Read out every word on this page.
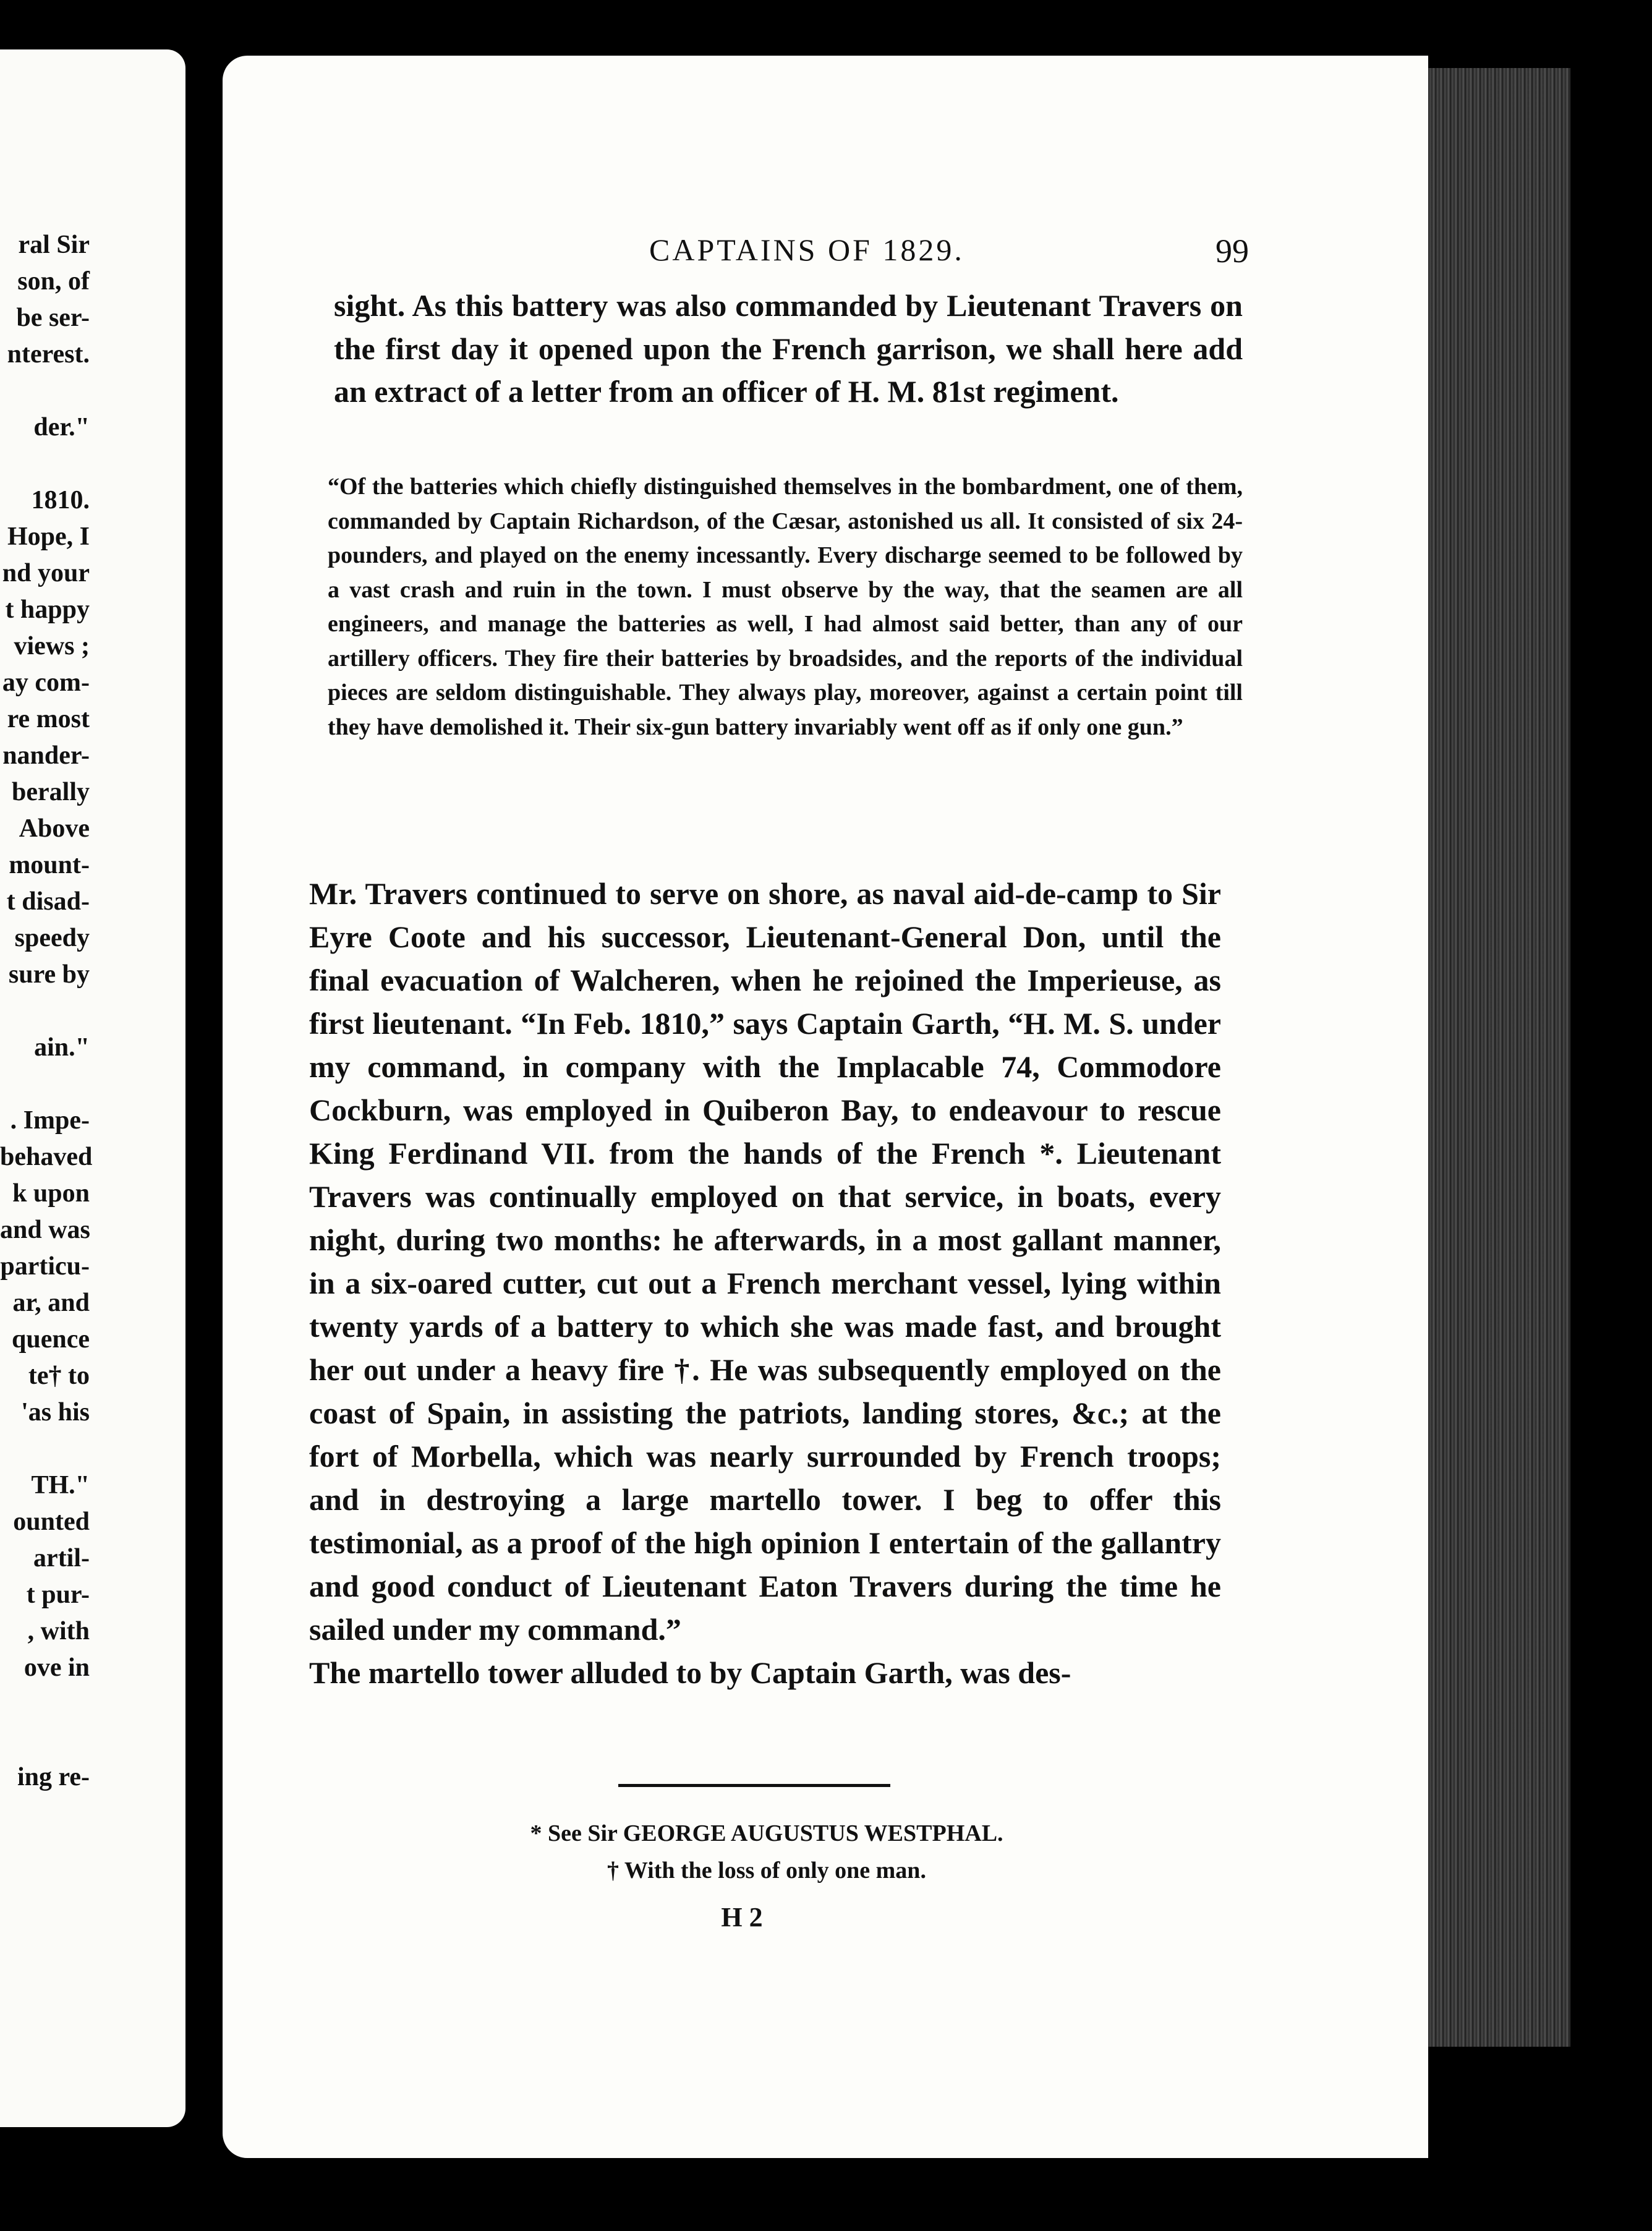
ral Sir
son, of
be ser-
nterest.
der."
1810.
Hope, I
nd your
t happy
views ;
ay com-
re most
nander-
berally
Above
mount-
t disad-
speedy
sure by
ain."
. Impe-
behaved
k upon
and was
particu-
ar, and
quence
te† to
'as his
TH."
ounted
artil-
t pur-
, with
ove in
ing re-
CAPTAINS OF 1829.	99
sight. As this battery was also commanded by Lieutenant Travers on the first day it opened upon the French garrison, we shall here add an extract of a letter from an officer of H. M. 81st regiment.
“Of the batteries which chiefly distinguished themselves in the bombardment, one of them, commanded by Captain Richardson, of the Cæsar, astonished us all. It consisted of six 24-pounders, and played on the enemy incessantly. Every discharge seemed to be followed by a vast crash and ruin in the town. I must observe by the way, that the seamen are all engineers, and manage the batteries as well, I had almost said better, than any of our artillery officers. They fire their batteries by broadsides, and the reports of the individual pieces are seldom distinguishable. They always play, moreover, against a certain point till they have demolished it. Their six-gun battery invariably went off as if only one gun.”
Mr. Travers continued to serve on shore, as naval aid-de-camp to Sir Eyre Coote and his successor, Lieutenant-General Don, until the final evacuation of Walcheren, when he rejoined the Imperieuse, as first lieutenant. “In Feb. 1810,” says Captain Garth, “H. M. S. under my command, in company with the Implacable 74, Commodore Cockburn, was employed in Quiberon Bay, to endeavour to rescue King Ferdinand VII. from the hands of the French *. Lieutenant Travers was continually employed on that service, in boats, every night, during two months: he afterwards, in a most gallant manner, in a six-oared cutter, cut out a French merchant vessel, lying within twenty yards of a battery to which she was made fast, and brought her out under a heavy fire †. He was subsequently employed on the coast of Spain, in assisting the patriots, landing stores, &c.; at the fort of Morbella, which was nearly surrounded by French troops; and in destroying a large martello tower. I beg to offer this testimonial, as a proof of the high opinion I entertain of the gallantry and good conduct of Lieutenant Eaton Travers during the time he sailed under my command.”
The martello tower alluded to by Captain Garth, was des-
* See Sir GEORGE AUGUSTUS WESTPHAL.
† With the loss of only one man.
H 2
